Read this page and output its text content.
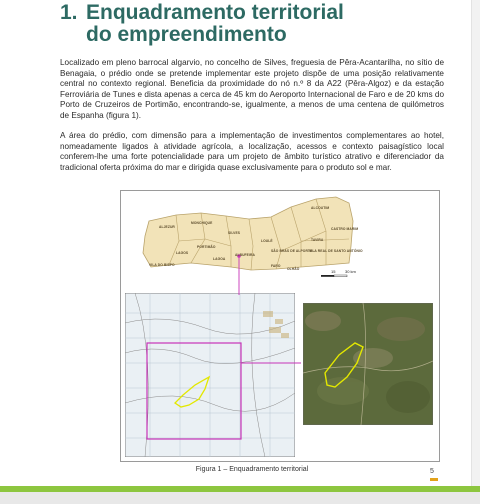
1. Enquadramento territorial
do empreendimento

Localizado em pleno barrocal algarvio, no concelho de Silves, freguesia de Pêra-Acantarilha, no sítio de Benagaia, o prédio onde se pretende implementar este projeto dispõe de uma posição relativamente central no contexto regional. Beneficia da proximidade do nó n.º 8 da A22 (Pêra-Algoz) e da estação Ferroviária de Tunes e dista apenas a cerca de 45 km do Aeroporto Internacional de Faro e de 20 kms do Porto de Cruzeiros de Portimão, encontrando-se, igualmente, a menos de uma centena de quilómetros de Espanha (figura 1).

A área do prédio, com dimensão para a implementação de investimentos complementares ao hotel, nomeadamente ligados à atividade agrícola, a localização, acessos e contexto paisagístico local conferem-lhe uma forte potencialidade para um projeto de âmbito turístico atrativo e diferenciador da tradicional oferta próxima do mar e dirigida quase exclusivamente para o produto sol e mar.

ALJEZUR
MONCHIQUE
SILVES
LOULÉ
ALCOUTIM
CASTRO MARIM
TAVIRA
PORTIMÃO
LAGOA
LAGOS
VILA DO BISPO
ALBUFEIRA
FARO
OLHÃO
SÃO BRÁS DE ALPORTEL
VILA REAL DE SANTO ANTÓNIO
15 30 km
Figura 1 – Enquadramento territorial	5
